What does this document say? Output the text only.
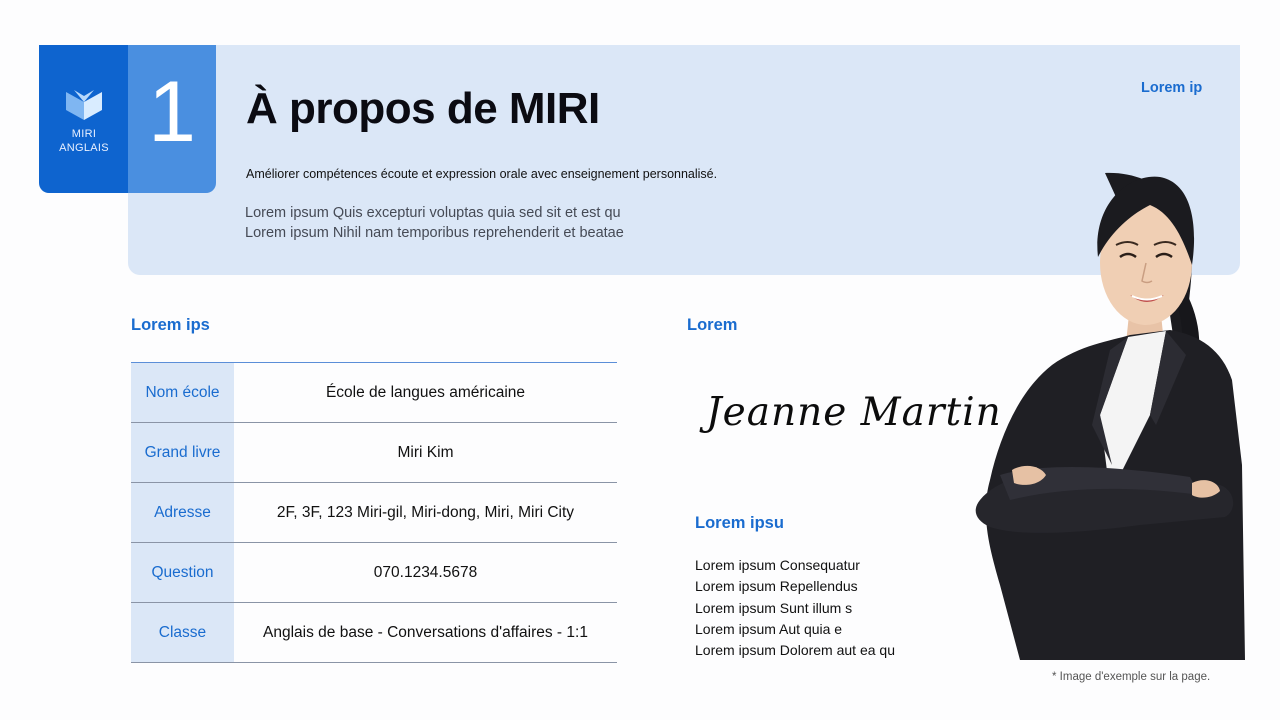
MIRI
ANGLAIS 1	À propos de MIRI
Améliorer compétences écoute et expression orale avec enseignement personnalisé.
Lorem ipsum Quis excepturi voluptas quia sed sit et est qu
Lorem ipsum Nihil nam temporibus reprehenderit et beatae
Lorem ip
Lorem ips
Nom école	École de langues américaine
Grand livre	Miri Kim
Adresse	2F, 3F, 123 Miri-gil, Miri-dong, Miri, Miri City
Question	070.1234.5678
Classe	Anglais de base - Conversations d'affaires - 1:1
Lorem
Jeanne Martin
Lorem ipsu
Lorem ipsum Consequatur
Lorem ipsum Repellendus
Lorem ipsum Sunt illum s
Lorem ipsum Aut quia e
Lorem ipsum Dolorem aut ea qu
* Image d'exemple sur la page.
